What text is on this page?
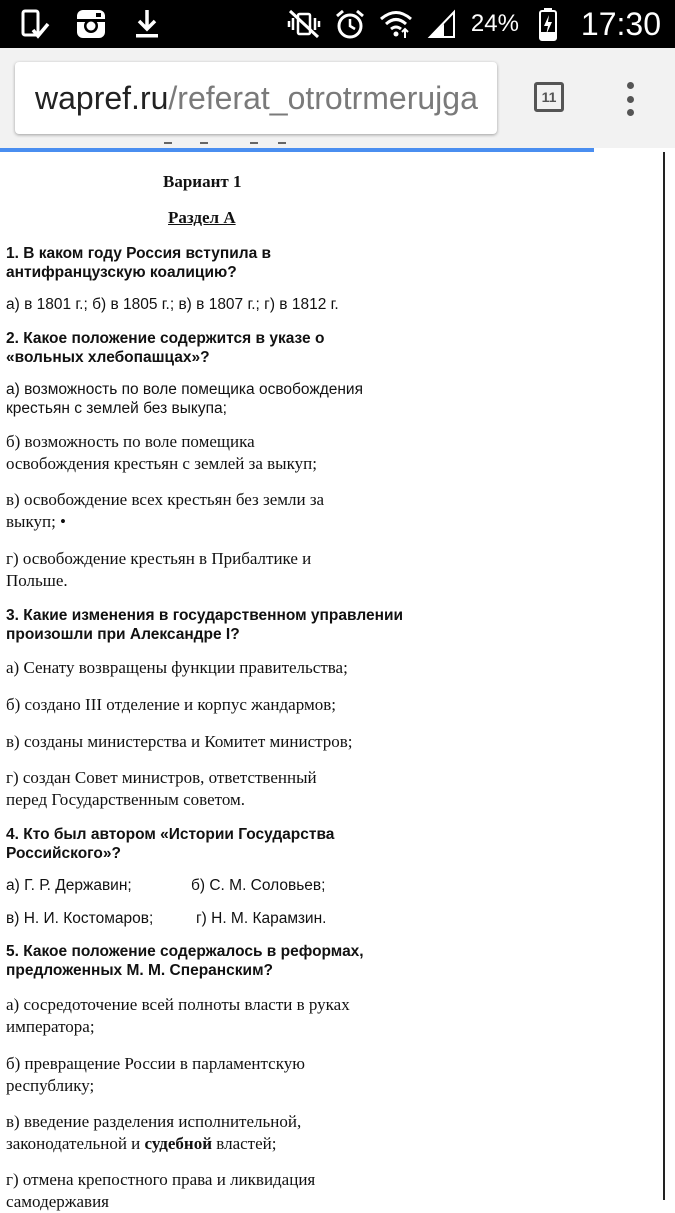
24% 17:30
wapref.ru/referat_otrotrmerujga	11
Вариант 1
Раздел А
1. В каком году Россия вступила в
антифранцузскую коалицию?
а) в 1801 г.; б) в 1805 г.; в) в 1807 г.; г) в 1812 г.
2. Какое положение содержится в указе о
«вольных хлебопашцах»?
а) возможность по воле помещика освобождения
крестьян с землей без выкупа;
б) возможность по воле помещика
освобождения крестьян с землей за выкуп;
в) освобождение всех крестьян без земли за
выкуп; •
г) освобождение крестьян в Прибалтике и
Польше.
3. Какие изменения в государственном управлении
произошли при Александре I?
а) Сенату возвращены функции правительства;
б) создано III отделение и корпус жандармов;
в) созданы министерства и Комитет министров;
г) создан Совет министров, ответственный
перед Государственным советом.
4. Кто был автором «Истории Государства
Российского»?
а) Г. Р. Державин;	б) С. М. Соловьев;
в) Н. И. Костомаров;	г) Н. М. Карамзин.
5. Какое положение содержалось в реформах,
предложенных М. М. Сперанским?
а) сосредоточение всей полноты власти в руках
императора;
б) превращение России в парламентскую
республику;
в) введение разделения исполнительной,
законодательной и судебной властей;
г) отмена крепостного права и ликвидация
самодержавия
